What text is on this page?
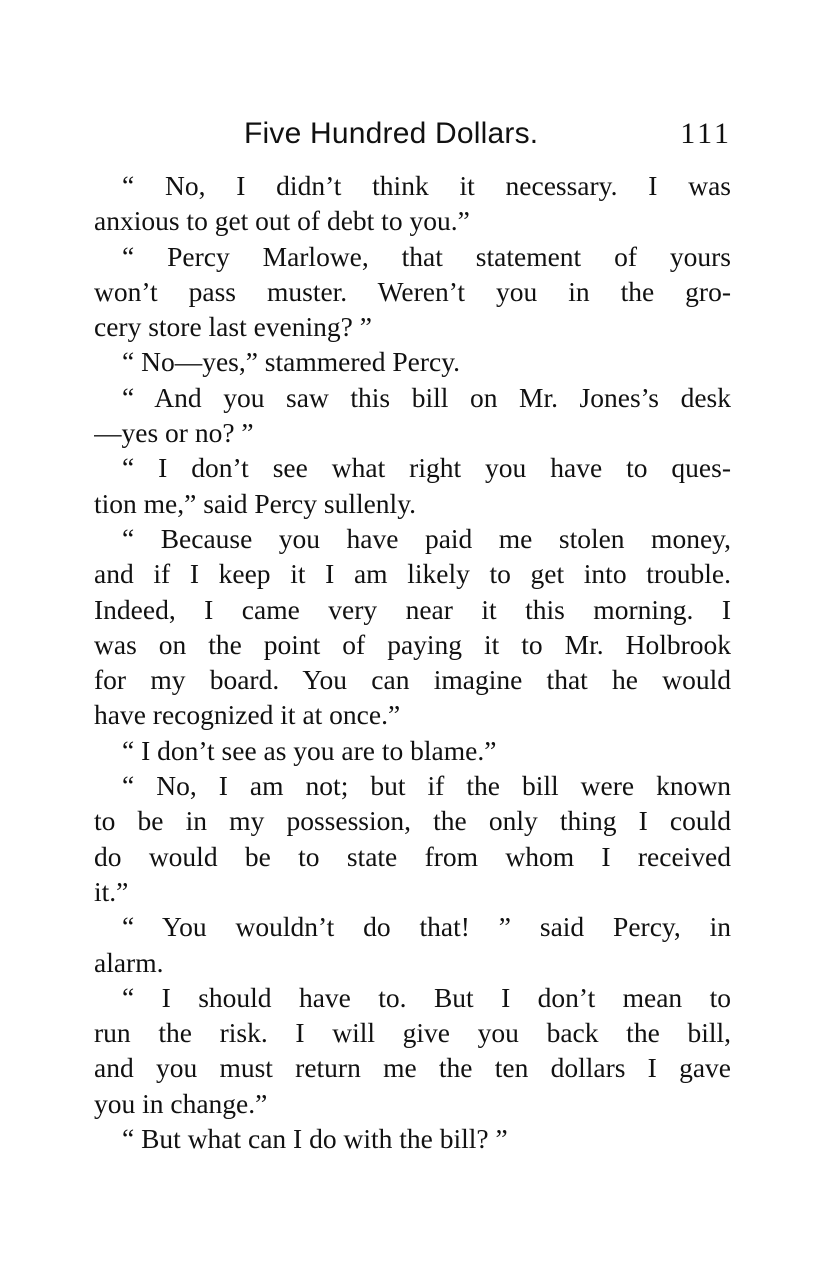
Five Hundred Dollars.	111
“ No, I didn’t think it necessary. I was
anxious to get out of debt to you.”
“ Percy Marlowe, that statement of yours
won’t pass muster. Weren’t you in the gro-
cery store last evening? ”
“ No—yes,” stammered Percy.
“ And you saw this bill on Mr. Jones’s desk
—yes or no? ”
“ I don’t see what right you have to ques-
tion me,” said Percy sullenly.
“ Because you have paid me stolen money,
and if I keep it I am likely to get into trouble.
Indeed, I came very near it this morning. I
was on the point of paying it to Mr. Holbrook
for my board. You can imagine that he would
have recognized it at once.”
“ I don’t see as you are to blame.”
“ No, I am not; but if the bill were known
to be in my possession, the only thing I could
do would be to state from whom I received
it.”
“ You wouldn’t do that! ” said Percy, in
alarm.
“ I should have to. But I don’t mean to
run the risk. I will give you back the bill,
and you must return me the ten dollars I gave
you in change.”
“ But what can I do with the bill? ”
